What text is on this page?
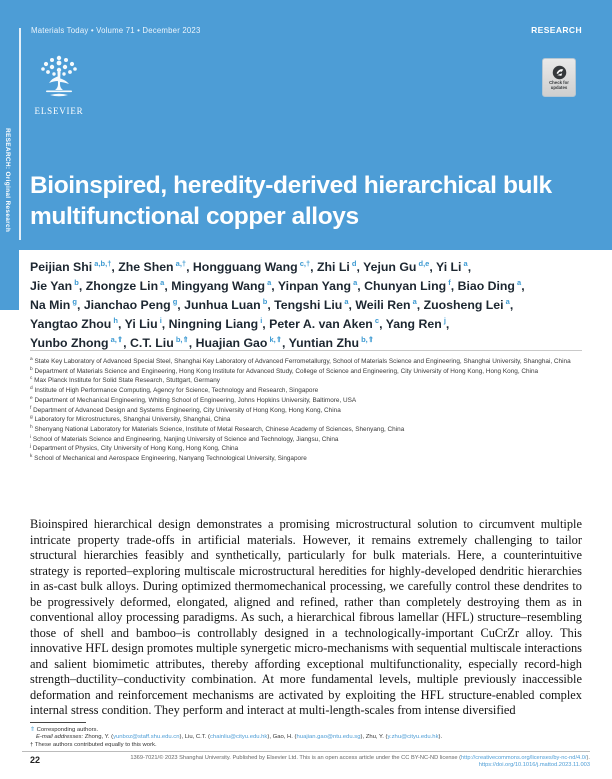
RESEARCH: Original Research
Materials Today • Volume 71 • December 2023	RESEARCH
ELSEVIER
Check for
updates
Bioinspired, heredity-derived hierarchical bulk multifunctional copper alloys
Peijian Shi $^{a,b,\dagger}$, Zhe Shen $^{a,\dagger}$, Hongguang Wang $^{c,\dagger}$, Zhi Li $^d$, Yejun Gu $^{d,e}$, Yi Li $^a$,
Jie Yan $^b$, Zhongze Lin $^a$, Mingyang Wang $^a$, Yinpan Yang $^a$, Chunyan Ling $^f$, Biao Ding $^a$,
Na Min $^g$, Jianchao Peng $^g$, Junhua Luan $^b$, Tengshi Liu $^a$, Weili Ren $^a$, Zuosheng Lei $^a$,
Yangtao Zhou $^h$, Yi Liu $^i$, Ningning Liang $^i$, Peter A. van Aken $^c$, Yang Ren $^j$,
Yunbo Zhong $^{a,⇑}$, C.T. Liu $^{b,⇑}$, Huajian Gao $^{k,⇑}$, Yuntian Zhu $^{b,⇑}$
$^a$ State Key Laboratory of Advanced Special Steel, Shanghai Key Laboratory of Advanced Ferrometallurgy, School of Materials Science and Engineering, Shanghai University, Shanghai, China
$^b$ Department of Materials Science and Engineering, Hong Kong Institute for Advanced Study, College of Science and Engineering, City University of Hong Kong, Hong Kong, China
$^c$ Max Planck Institute for Solid State Research, Stuttgart, Germany
$^d$ Institute of High Performance Computing, Agency for Science, Technology and Research, Singapore
$^e$ Department of Mechanical Engineering, Whiting School of Engineering, Johns Hopkins University, Baltimore, USA
$^f$ Department of Advanced Design and Systems Engineering, City University of Hong Kong, Hong Kong, China
$^g$ Laboratory for Microstructures, Shanghai University, Shanghai, China
$^h$ Shenyang National Laboratory for Materials Science, Institute of Metal Research, Chinese Academy of Sciences, Shenyang, China
$^i$ School of Materials Science and Engineering, Nanjing University of Science and Technology, Jiangsu, China
$^j$ Department of Physics, City University of Hong Kong, Hong Kong, China
$^k$ School of Mechanical and Aerospace Engineering, Nanyang Technological University, Singapore
Bioinspired hierarchical design demonstrates a promising microstructural solution to circumvent multiple intricate property trade-offs in artificial materials. However, it remains extremely challenging to tailor structural hierarchies feasibly and synthetically, particularly for bulk materials. Here, a counterintuitive strategy is reported–exploring multiscale microstructural heredities for highly-developed dendritic hierarchies in as-cast bulk alloys. During optimized thermomechanical processing, we carefully control these dendrites to be progressively deformed, elongated, aligned and refined, rather than completely destroying them as in conventional alloy processing paradigms. As such, a hierarchical fibrous lamellar (HFL) structure–resembling those of shell and bamboo–is controllably designed in a technologically-important CuCrZr alloy. This innovative HFL design promotes multiple synergetic micro-mechanisms with sequential multiscale interactions and salient biomimetic attributes, thereby affording exceptional multifunctionality, especially record-high strength–ductility–conductivity combination. At more fundamental levels, multiple previously inaccessible deformation and reinforcement mechanisms are activated by exploiting the HFL structure-enabled complex internal stress condition. They perform and interact at multi-length-scales from intense diversified
⇑ Corresponding authors.
E-mail addresses: Zhong, Y. (yunboz@staff.shu.edu.cn), Liu, C.T. (chainliu@cityu.edu.hk), Gao, H. (huajian.gao@ntu.edu.sg), Zhu, Y. (y.zhu@cityu.edu.hk).
† These authors contributed equally to this work.
22	1369-7021/© 2023 Shanghai University. Published by Elsevier Ltd. This is an open access article under the CC BY-NC-ND license (http://creativecommons.org/licenses/by-nc-nd/4.0/).
https://doi.org/10.1016/j.mattod.2023.11.003
